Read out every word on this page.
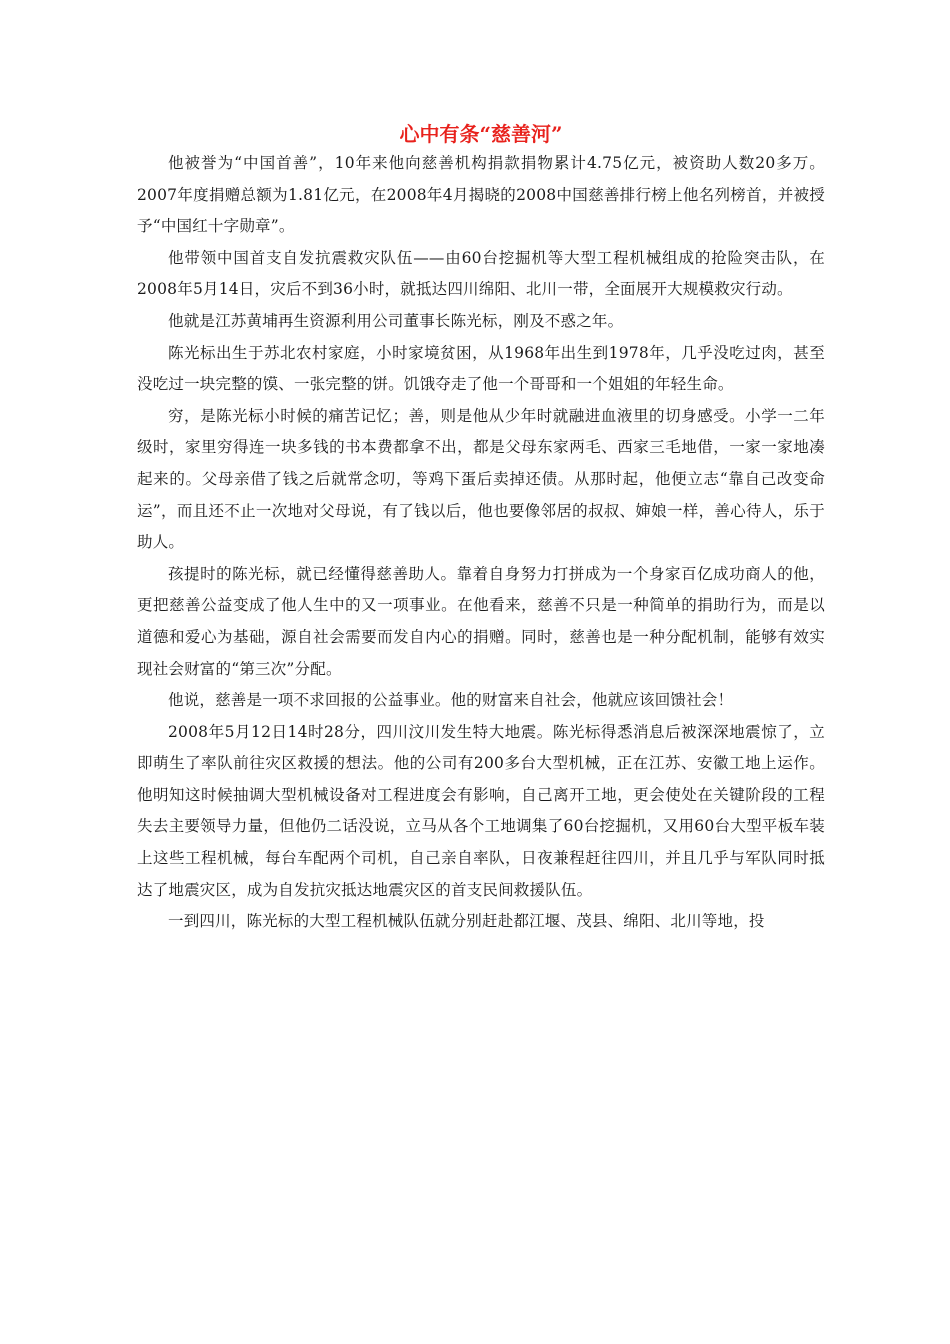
心中有条“慈善河”

他被誉为“中国首善”，10年来他向慈善机构捐款捐物累计4.75亿元，被资助人数20多万。2007年度捐赠总额为1.81亿元，在2008年4月揭晓的2008中国慈善排行榜上他名列榜首，并被授予“中国红十字勋章”。

他带领中国首支自发抗震救灾队伍——由60台挖掘机等大型工程机械组成的抢险突击队，在2008年5月14日，灾后不到36小时，就抵达四川绵阳、北川一带，全面展开大规模救灾行动。

他就是江苏黄埔再生资源利用公司董事长陈光标，刚及不惑之年。

陈光标出生于苏北农村家庭，小时家境贫困，从1968年出生到1978年，几乎没吃过肉，甚至没吃过一块完整的馍、一张完整的饼。饥饿夺走了他一个哥哥和一个姐姐的年轻生命。

穷，是陈光标小时候的痛苦记忆；善，则是他从少年时就融进血液里的切身感受。小学一二年级时，家里穷得连一块多钱的书本费都拿不出，都是父母东家两毛、西家三毛地借，一家一家地凑起来的。父母亲借了钱之后就常念叨，等鸡下蛋后卖掉还债。从那时起，他便立志“靠自己改变命运”，而且还不止一次地对父母说，有了钱以后，他也要像邻居的叔叔、婶娘一样，善心待人，乐于助人。

孩提时的陈光标，就已经懂得慈善助人。靠着自身努力打拼成为一个身家百亿成功商人的他，更把慈善公益变成了他人生中的又一项事业。在他看来，慈善不只是一种简单的捐助行为，而是以道德和爱心为基础，源自社会需要而发自内心的捐赠。同时，慈善也是一种分配机制，能够有效实现社会财富的“第三次”分配。

他说，慈善是一项不求回报的公益事业。他的财富来自社会，他就应该回馈社会！

2008年5月12日14时28分，四川汶川发生特大地震。陈光标得悉消息后被深深地震惊了，立即萌生了率队前往灾区救援的想法。他的公司有200多台大型机械，正在江苏、安徽工地上运作。他明知这时候抽调大型机械设备对工程进度会有影响，自己离开工地，更会使处在关键阶段的工程失去主要领导力量，但他仍二话没说，立马从各个工地调集了60台挖掘机，又用60台大型平板车装上这些工程机械，每台车配两个司机，自己亲自率队，日夜兼程赶往四川，并且几乎与军队同时抵达了地震灾区，成为自发抗灾抵达地震灾区的首支民间救援队伍。

一到四川，陈光标的大型工程机械队伍就分别赶赴都江堰、茂县、绵阳、北川等地，投
